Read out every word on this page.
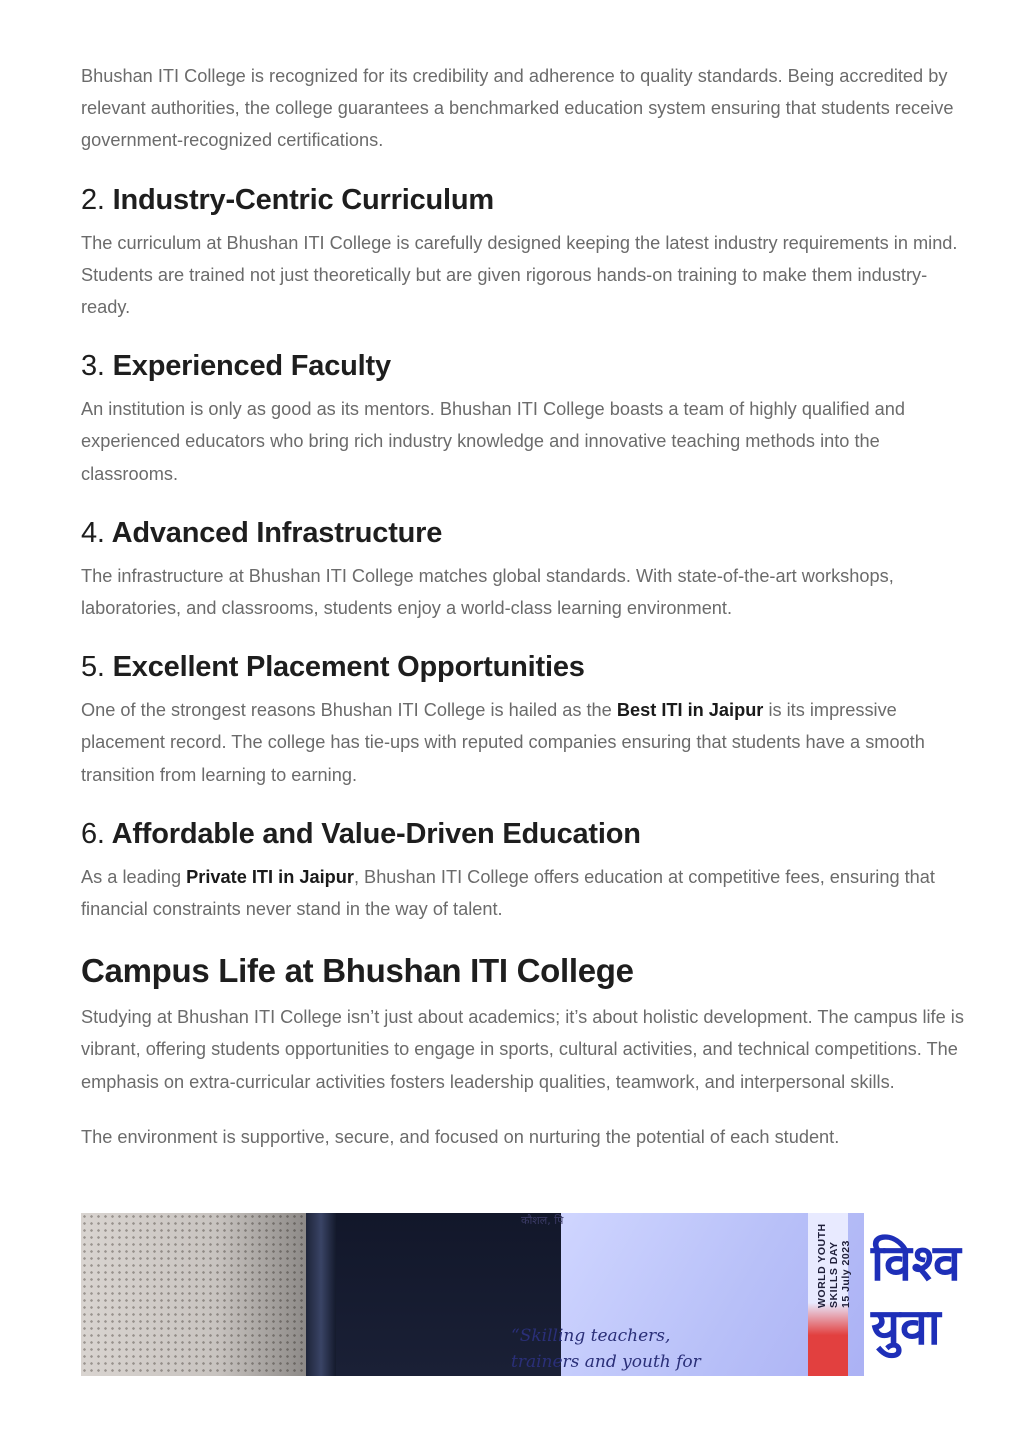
Bhushan ITI College is recognized for its credibility and adherence to quality standards. Being accredited by relevant authorities, the college guarantees a benchmarked education system ensuring that students receive government-recognized certifications.

2. Industry-Centric Curriculum

The curriculum at Bhushan ITI College is carefully designed keeping the latest industry requirements in mind. Students are trained not just theoretically but are given rigorous hands-on training to make them industry-ready.

3. Experienced Faculty

An institution is only as good as its mentors. Bhushan ITI College boasts a team of highly qualified and experienced educators who bring rich industry knowledge and innovative teaching methods into the classrooms.

4. Advanced Infrastructure

The infrastructure at Bhushan ITI College matches global standards. With state-of-the-art workshops, laboratories, and classrooms, students enjoy a world-class learning environment.

5. Excellent Placement Opportunities

One of the strongest reasons Bhushan ITI College is hailed as the Best ITI in Jaipur is its impressive placement record. The college has tie-ups with reputed companies ensuring that students have a smooth transition from learning to earning.

6. Affordable and Value-Driven Education

As a leading Private ITI in Jaipur, Bhushan ITI College offers education at competitive fees, ensuring that financial constraints never stand in the way of talent.

Campus Life at Bhushan ITI College

Studying at Bhushan ITI College isn’t just about academics; it’s about holistic development. The campus life is vibrant, offering students opportunities to engage in sports, cultural activities, and technical competitions. The emphasis on extra-curricular activities fosters leadership qualities, teamwork, and interpersonal skills.

The environment is supportive, secure, and focused on nurturing the potential of each student.

कौशल, पि
“Skilling teachers,
trainers and youth for
WORLD YOUTH SKILLS DAY 15 July 2023 विश्व
युवा
